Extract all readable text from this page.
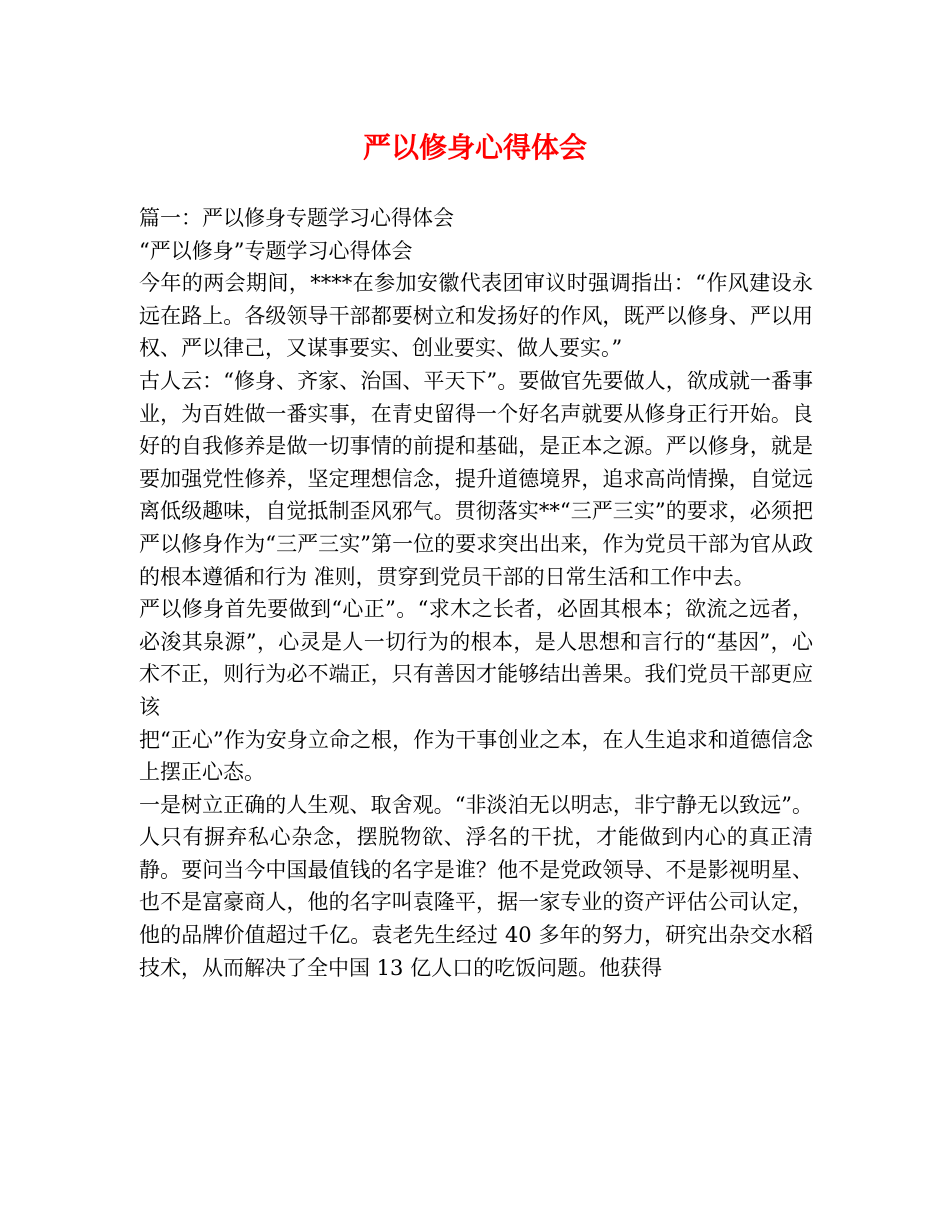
严以修身心得体会

篇一：严以修身专题学习心得体会

“严以修身”专题学习心得体会

今年的两会期间，****在参加安徽代表团审议时强调指出：“作风建设永远在路上。各级领导干部都要树立和发扬好的作风，既严以修身、严以用权、严以律己，又谋事要实、创业要实、做人要实。”

古人云：“修身、齐家、治国、平天下”。要做官先要做人，欲成就一番事业，为百姓做一番实事，在青史留得一个好名声就要从修身正行开始。良好的自我修养是做一切事情的前提和基础，是正本之源。严以修身，就是要加强党性修养，坚定理想信念，提升道德境界，追求高尚情操，自觉远离低级趣味，自觉抵制歪风邪气。贯彻落实**“三严三实”的要求，必须把严以修身作为“三严三实”第一位的要求突出出来，作为党员干部为官从政的根本遵循和行为 准则，贯穿到党员干部的日常生活和工作中去。

严以修身首先要做到“心正”。“求木之长者，必固其根本；欲流之远者，必浚其泉源”，心灵是人一切行为的根本，是人思想和言行的“基因”，心术不正，则行为必不端正，只有善因才能够结出善果。我们党员干部更应该

把“正心”作为安身立命之根，作为干事创业之本，在人生追求和道德信念上摆正心态。

一是树立正确的人生观、取舍观。“非淡泊无以明志，非宁静无以致远”。人只有摒弃私心杂念，摆脱物欲、浮名的干扰，才能做到内心的真正清静。要问当今中国最值钱的名字是谁？他不是党政领导、不是影视明星、也不是富豪商人，他的名字叫袁隆平，据一家专业的资产评估公司认定，他的品牌价值超过千亿。袁老先生经过 40 多年的努力，研究出杂交水稻技术，从而解决了全中国 13 亿人口的吃饭问题。他获得
